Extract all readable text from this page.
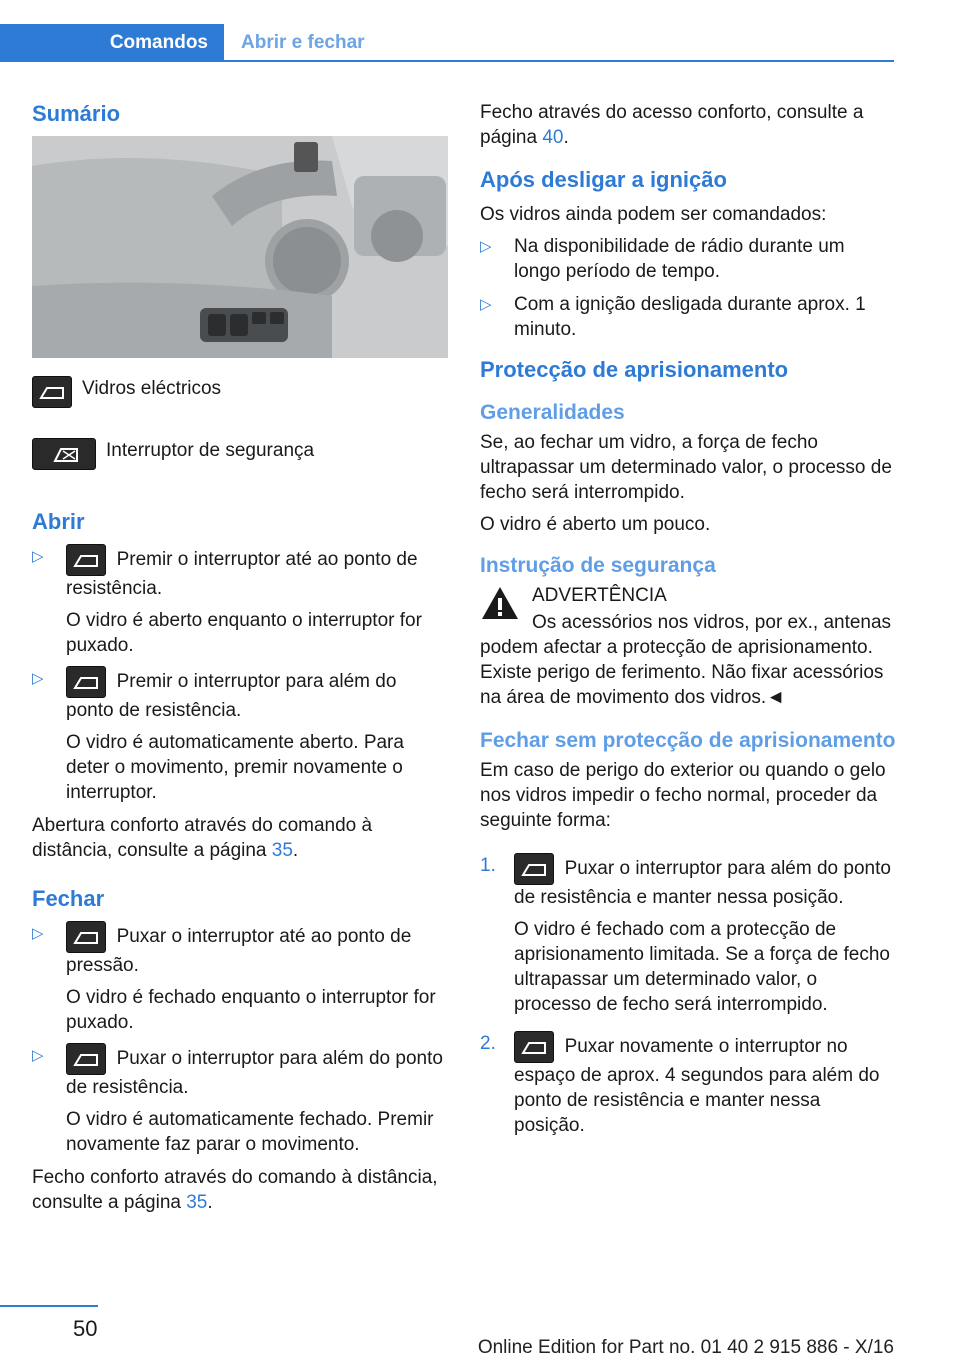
Comandos	Abrir e fechar
Sumário
Vidros eléctricos
Interruptor de segurança
Abrir
▷	Premir o interruptor até ao ponto de resistência.

O vidro é aberto enquanto o interruptor for puxado.

▷	Premir o interruptor para além do ponto de resistência.

O vidro é automaticamente aberto. Para deter o movimento, premir novamente o interruptor.

Abertura conforto através do comando à distância, consulte a página 35.

Fechar
▷	Puxar o interruptor até ao ponto de pressão.

O vidro é fechado enquanto o interruptor for puxado.

▷	Puxar o interruptor para além do ponto de resistência.

O vidro é automaticamente fechado. Premir novamente faz parar o movimento.

Fecho conforto através do comando à distância, consulte a página 35.

Fecho através do acesso conforto, consulte a página 40.

Após desligar a ignição

Os vidros ainda podem ser comandados:

▷ Na disponibilidade de rádio durante um longo período de tempo.

▷ Com a ignição desligada durante aprox. 1 minuto.

Protecção de aprisionamento
Generalidades

Se, ao fechar um vidro, a força de fecho ultrapassar um determinado valor, o processo de fecho será interrompido.

O vidro é aberto um pouco.

Instrução de segurança

ADVERTÊNCIA

Os acessórios nos vidros, por ex., antenas podem afectar a protecção de aprisionamento. Existe perigo de ferimento. Não fixar acessórios na área de movimento dos vidros.◄

Fechar sem protecção de aprisionamento

Em caso de perigo do exterior ou quando o gelo nos vidros impedir o fecho normal, proceder da seguinte forma:

1.	Puxar o interruptor para além do ponto de resistência e manter nessa posição.

O vidro é fechado com a protecção de aprisionamento limitada. Se a força de fecho ultrapassar um determinado valor, o processo de fecho será interrompido.

2.	Puxar novamente o interruptor no espaço de aprox. 4 segundos para além do ponto de resistência e manter nessa posição.

50
Online Edition for Part no. 01 40 2 915 886 - X/16
